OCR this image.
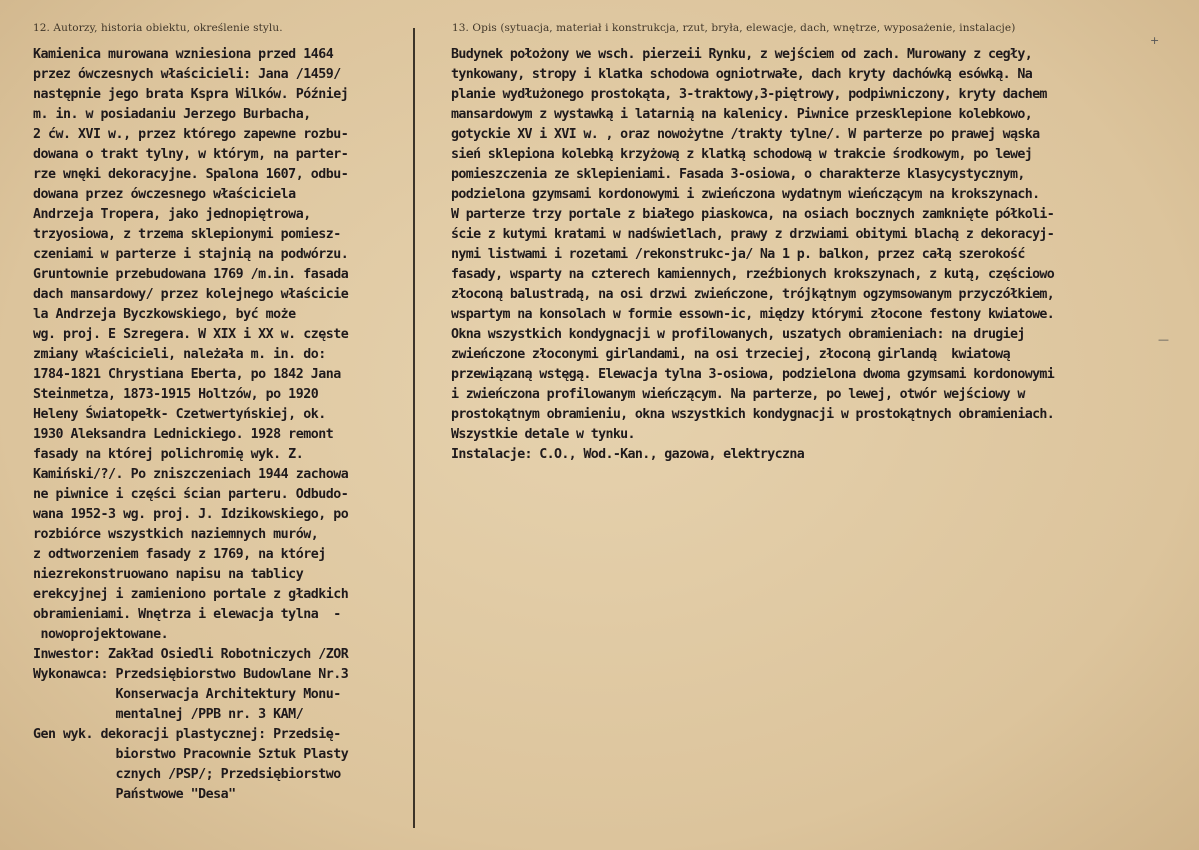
12. Autorzy, historia obiektu, określenie stylu.	13. Opis (sytuacja, materiał i konstrukcja, rzut, bryła, elewacje, dach, wnętrze, wyposażenie, instalacje)
Kamienica murowana wzniesiona przed 1464
przez ówczesnych właścicieli: Jana /1459/
następnie jego brata Kspra Wilków. Później
m. in. w posiadaniu Jerzego Burbacha,
2 ćw. XVI w., przez którego zapewne rozbu-
dowana o trakt tylny, w którym, na parter-
rze wnęki dekoracyjne. Spalona 1607, odbu-
dowana przez ówczesnego właściciela
Andrzeja Tropera, jako jednopiętrowa,
trzyosiowa, z trzema sklepionymi pomiesz-
czeniami w parterze i stajnią na podwórzu.
Gruntownie przebudowana 1769 /m.in. fasada
dach mansardowy/ przez kolejnego właścicie
la Andrzeja Byczkowskiego, być może
wg. proj. E Szregera. W XIX i XX w. częste
zmiany właścicieli, należała m. in. do:
1784-1821 Chrystiana Eberta, po 1842 Jana
Steinmetza, 1873-1915 Holtzów, po 1920
Heleny Światopełk- Czetwertyńskiej, ok.
1930 Aleksandra Lednickiego. 1928 remont
fasady na której polichromię wyk. Z.
Kamiński/?/. Po zniszczeniach 1944 zachowa
ne piwnice i części ścian parteru. Odbudo-
wana 1952-3 wg. proj. J. Idzikowskiego, po
rozbiórce wszystkich naziemnych murów,
z odtworzeniem fasady z 1769, na której
niezrekonstruowano napisu na tablicy
erekcyjnej i zamieniono portale z gładkich
obramieniami. Wnętrza i elewacja tylna  -
nowoprojektowane.
Inwestor: Zakład Osiedli Robotniczych /ZOR
Wykonawca: Przedsiębiorstwo Budowlane Nr.3
Konserwacja Architektury Monu-
mentalnej /PPB nr. 3 KAM/
Gen wyk. dekoracji plastycznej: Przedsię-
biorstwo Pracownie Sztuk Plasty
cznych /PSP/; Przedsiębiorstwo
Państwowe "Desa"
Budynek położony we wsch. pierzeii Rynku, z wejściem od zach. Murowany z cegły,
tynkowany, stropy i klatka schodowa ogniotrwałe, dach kryty dachówką esówką. Na
planie wydłużonego prostokąta, 3-traktowy,3-piętrowy, podpiwniczony, kryty dachem
mansardowym z wystawką i latarnią na kalenicy. Piwnice przesklepione kolebkowo,
gotyckie XV i XVI w. , oraz nowożytne /trakty tylne/. W parterze po prawej wąska
sień sklepiona kolebką krzyżową z klatką schodową w trakcie środkowym, po lewej
pomieszczenia ze sklepieniami. Fasada 3-osiowa, o charakterze klasycystycznym,
podzielona gzymsami kordonowymi i zwieńczona wydatnym wieńczącym na krokszynach.
W parterze trzy portale z białego piaskowca, na osiach bocznych zamknięte półkoli-
ście z kutymi kratami w nadświetlach, prawy z drzwiami obitymi blachą z dekoracyj-
nymi listwami i rozetami /rekonstrukc-ja/ Na 1 p. balkon, przez całą szerokość
fasady, wsparty na czterech kamiennych, rzeźbionych krokszynach, z kutą, częściowo
złoconą balustradą, na osi drzwi zwieńczone, trójkątnym ogzymsowanym przyczółkiem,
wspartym na konsolach w formie essown-ic, między którymi złocone festony kwiatowe.
Okna wszystkich kondygnacji w profilowanych, uszatych obramieniach: na drugiej
zwieńczone złoconymi girlandami, na osi trzeciej, złoconą girlandą  kwiatową
przewiązaną wstęgą. Elewacja tylna 3-osiowa, podzielona dwoma gzymsami kordonowymi
i zwieńczona profilowanym wieńczącym. Na parterze, po lewej, otwór wejściowy w
prostokątnym obramieniu, okna wszystkich kondygnacji w prostokątnych obramieniach.
Wszystkie detale w tynku.
Instalacje: C.O., Wod.-Kan., gazowa, elektryczna
+
—
